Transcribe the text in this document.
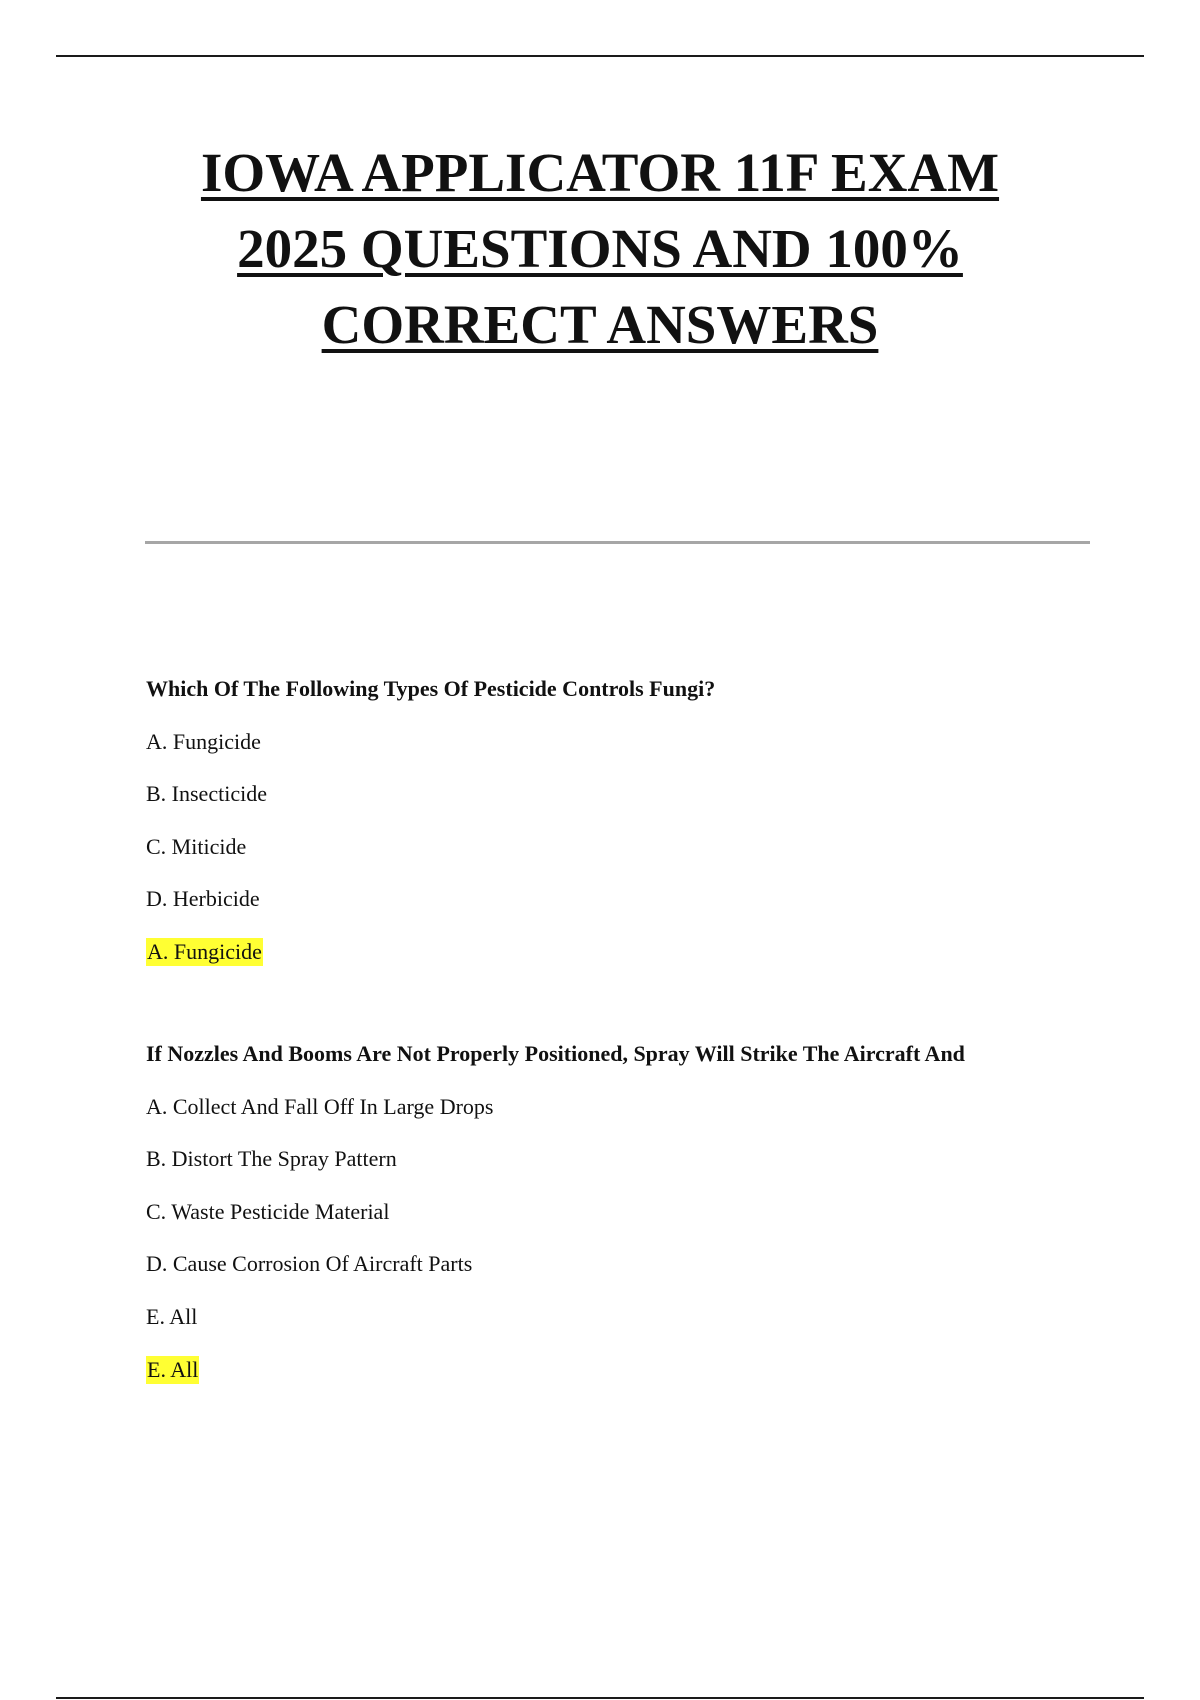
IOWA APPLICATOR 11F EXAM
2025 QUESTIONS AND 100%
CORRECT ANSWERS

Which Of The Following Types Of Pesticide Controls Fungi?

A. Fungicide

B. Insecticide

C. Miticide

D. Herbicide

A. Fungicide

If Nozzles And Booms Are Not Properly Positioned, Spray Will Strike The Aircraft And

A. Collect And Fall Off In Large Drops

B. Distort The Spray Pattern

C. Waste Pesticide Material

D. Cause Corrosion Of Aircraft Parts

E. All

E. All
